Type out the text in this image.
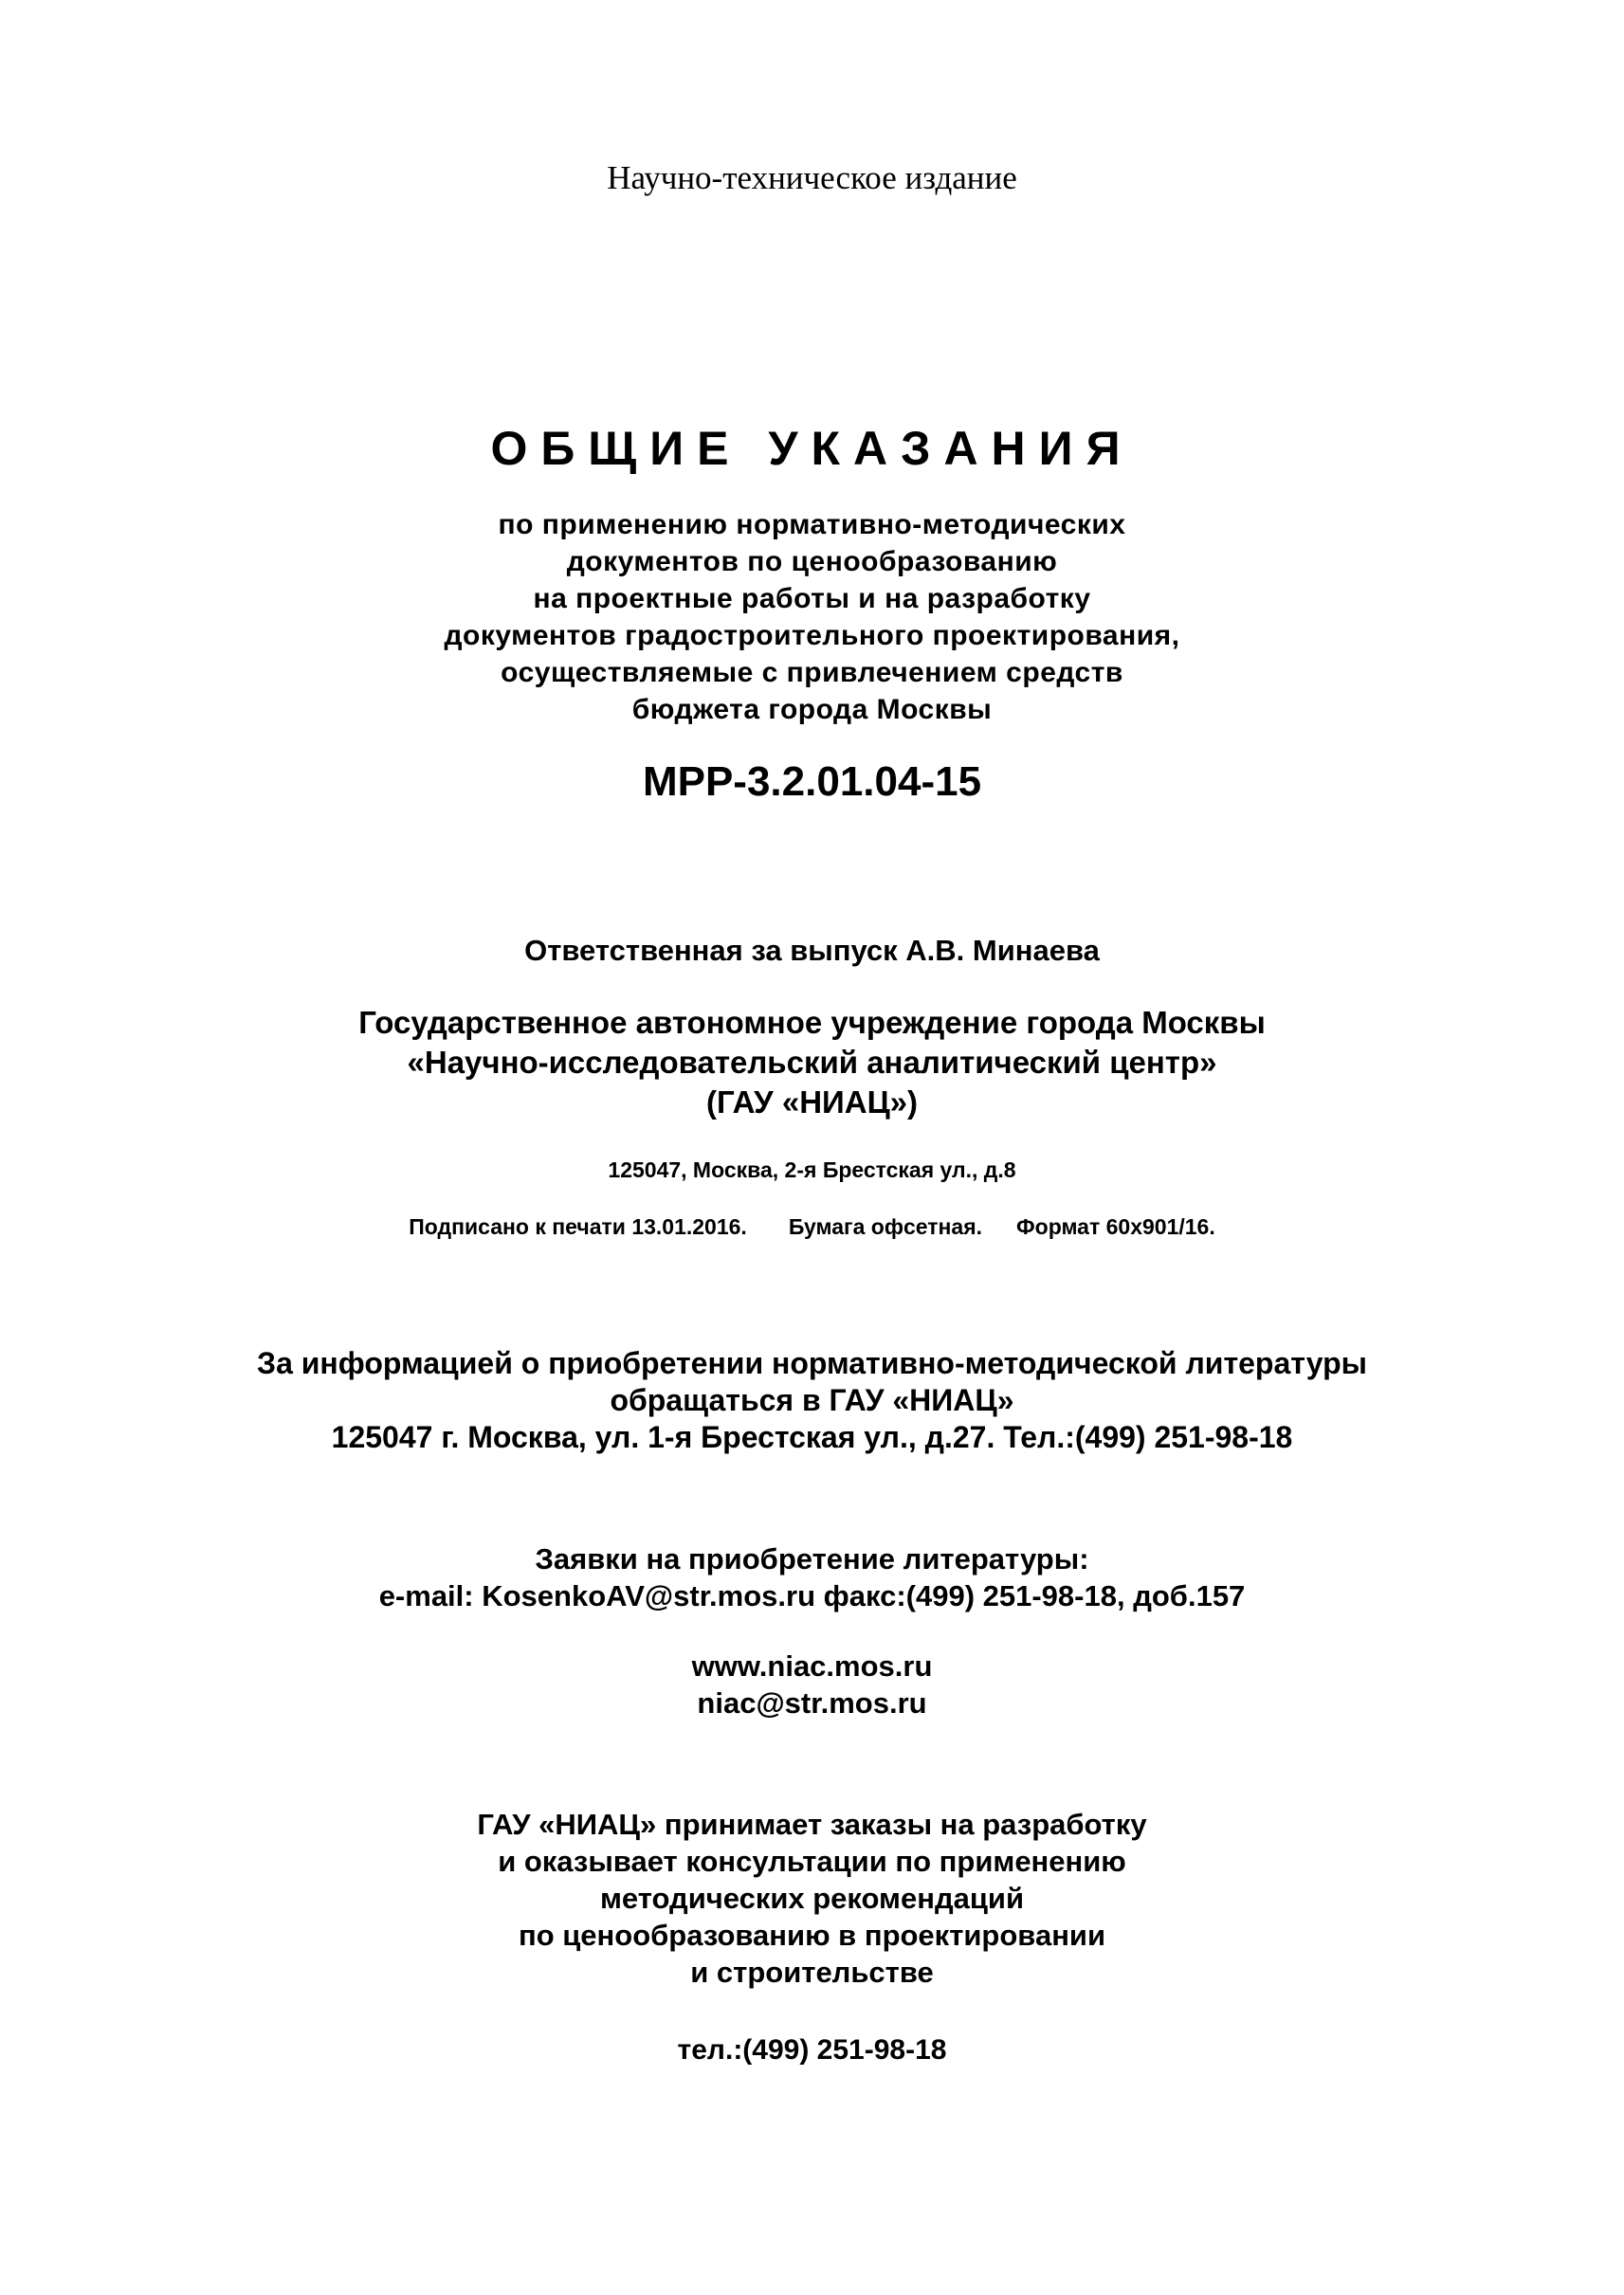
Научно-техническое издание
ОБЩИЕ УКАЗАНИЯ
по применению нормативно-методических
документов по ценообразованию
на проектные работы и на разработку
документов градостроительного проектирования,
осуществляемые с привлечением средств
бюджета города Москвы
МРР-3.2.01.04-15
Ответственная за выпуск А.В. Минаева
Государственное автономное учреждение города Москвы
«Научно-исследовательский аналитический центр»
(ГАУ «НИАЦ»)
125047, Москва, 2-я Брестская ул., д.8
Подписано к печати 13.01.2016. Бумага офсетная. Формат 60х901/16.
За информацией о приобретении нормативно-методической литературы
обращаться в ГАУ «НИАЦ»
125047 г. Москва, ул. 1-я Брестская ул., д.27. Тел.:(499) 251-98-18
Заявки на приобретение литературы:
e-mail: KosenkoAV@str.mos.ru факс:(499) 251-98-18, доб.157
www.niac.mos.ru
niac@str.mos.ru
ГАУ «НИАЦ» принимает заказы на разработку
и оказывает консультации по применению
методических рекомендаций
по ценообразованию в проектировании
и строительстве
тел.:(499) 251-98-18
